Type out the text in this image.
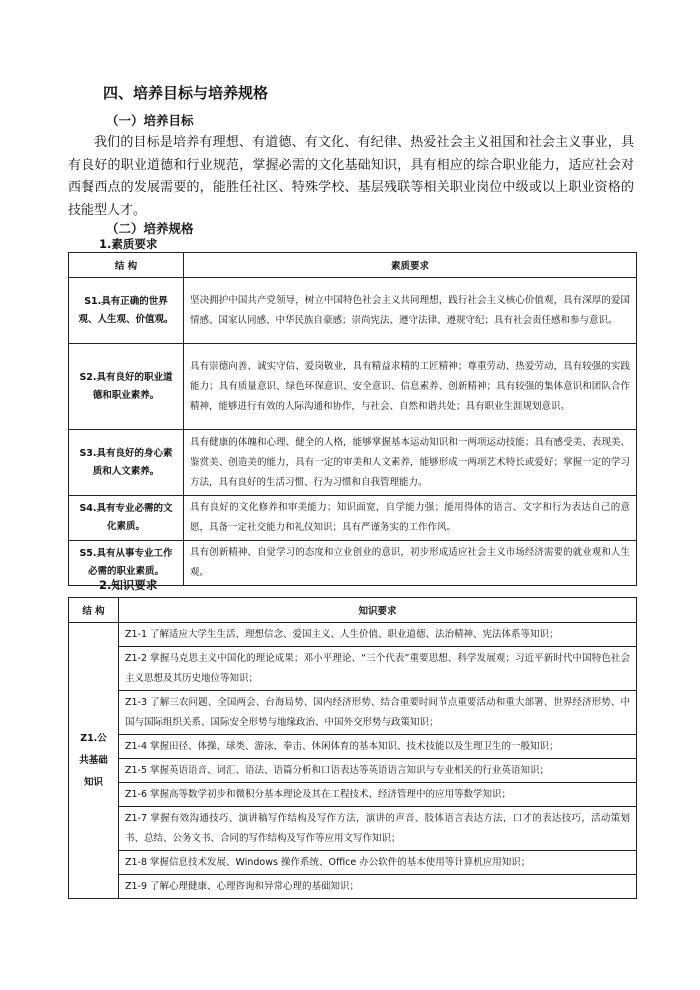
四、培养目标与培养规格
（一）培养目标
我们的目标是培养有理想、有道德、有文化、有纪律、热爱社会主义祖国和社会主义事业，具有良好的职业道德和行业规范，掌握必需的文化基础知识，具有相应的综合职业能力，适应社会对西餐西点的发展需要的，能胜任社区、特殊学校、基层残联等相关职业岗位中级或以上职业资格的技能型人才。
（二）培养规格
1.素质要求
结 构	素质要求
S1.具有正确的世界观、人生观、价值观。	坚决拥护中国共产党领导，树立中国特色社会主义共同理想，践行社会主义核心价值观，具有深厚的爱国情感、国家认同感、中华民族自豪感；崇尚宪法、遵守法律、遵规守纪；具有社会责任感和参与意识。
S2.具有良好的职业道德和职业素养。	具有崇德向善、诚实守信、爱岗敬业，具有精益求精的工匠精神；尊重劳动、热爱劳动，具有较强的实践能力；具有质量意识、绿色环保意识、安全意识、信息素养、创新精神；具有较强的集体意识和团队合作精神，能够进行有效的人际沟通和协作，与社会、自然和谐共处；具有职业生涯规划意识。
S3.具有良好的身心素质和人文素养。	具有健康的体魄和心理、健全的人格，能够掌握基本运动知识和一两项运动技能；具有感受美、表现美、鉴赏美、创造美的能力，具有一定的审美和人文素养，能够形成一两项艺术特长或爱好；掌握一定的学习方法，具有良好的生活习惯、行为习惯和自我管理能力。
S4.具有专业必需的文化素质。	具有良好的文化修养和审美能力；知识面宽，自学能力强；能用得体的语言、文字和行为表达自己的意愿，具备一定社交能力和礼仪知识；具有严谨务实的工作作风。
S5.具有从事专业工作必需的职业素质。	具有创新精神、自觉学习的态度和立业创业的意识，初步形成适应社会主义市场经济需要的就业观和人生观。
2.知识要求
结 构	知识要求
Z1.公共基础知识	Z1-1 了解适应大学生生活、理想信念、爱国主义、人生价值、职业道德、法治精神、宪法体系等知识；
	Z1-2 掌握马克思主义中国化的理论成果；邓小平理论、“三个代表”重要思想、科学发展观；习近平新时代中国特色社会主义思想及其历史地位等知识；
	Z1-3 了解三农问题、全国两会、台海局势、国内经济形势、结合重要时间节点重要活动和重大部署、世界经济形势、中国与国际组织关系、国际安全形势与地缘政治、中国外交形势与政策知识；
	Z1-4 掌握田径、体操、球类、游泳、拳击、休闲体育的基本知识、技术技能以及生理卫生的一般知识；
	Z1-5 掌握英语语音、词汇、语法、语篇分析和口语表达等英语语言知识与专业相关的行业英语知识；
	Z1-6 掌握高等数学初步和微积分基本理论及其在工程技术、经济管理中的应用等数学知识；
	Z1-7 掌握有效沟通技巧、演讲稿写作结构及写作方法，演讲的声音、肢体语言表达方法，口才的表达技巧，活动策划书、总结、公务文书、合同的写作结构及写作等应用文写作知识；
	Z1-8 掌握信息技术发展、Windows 操作系统、Office 办公软件的基本使用等计算机应用知识；
	Z1-9 了解心理健康、心理咨询和异常心理的基础知识；
